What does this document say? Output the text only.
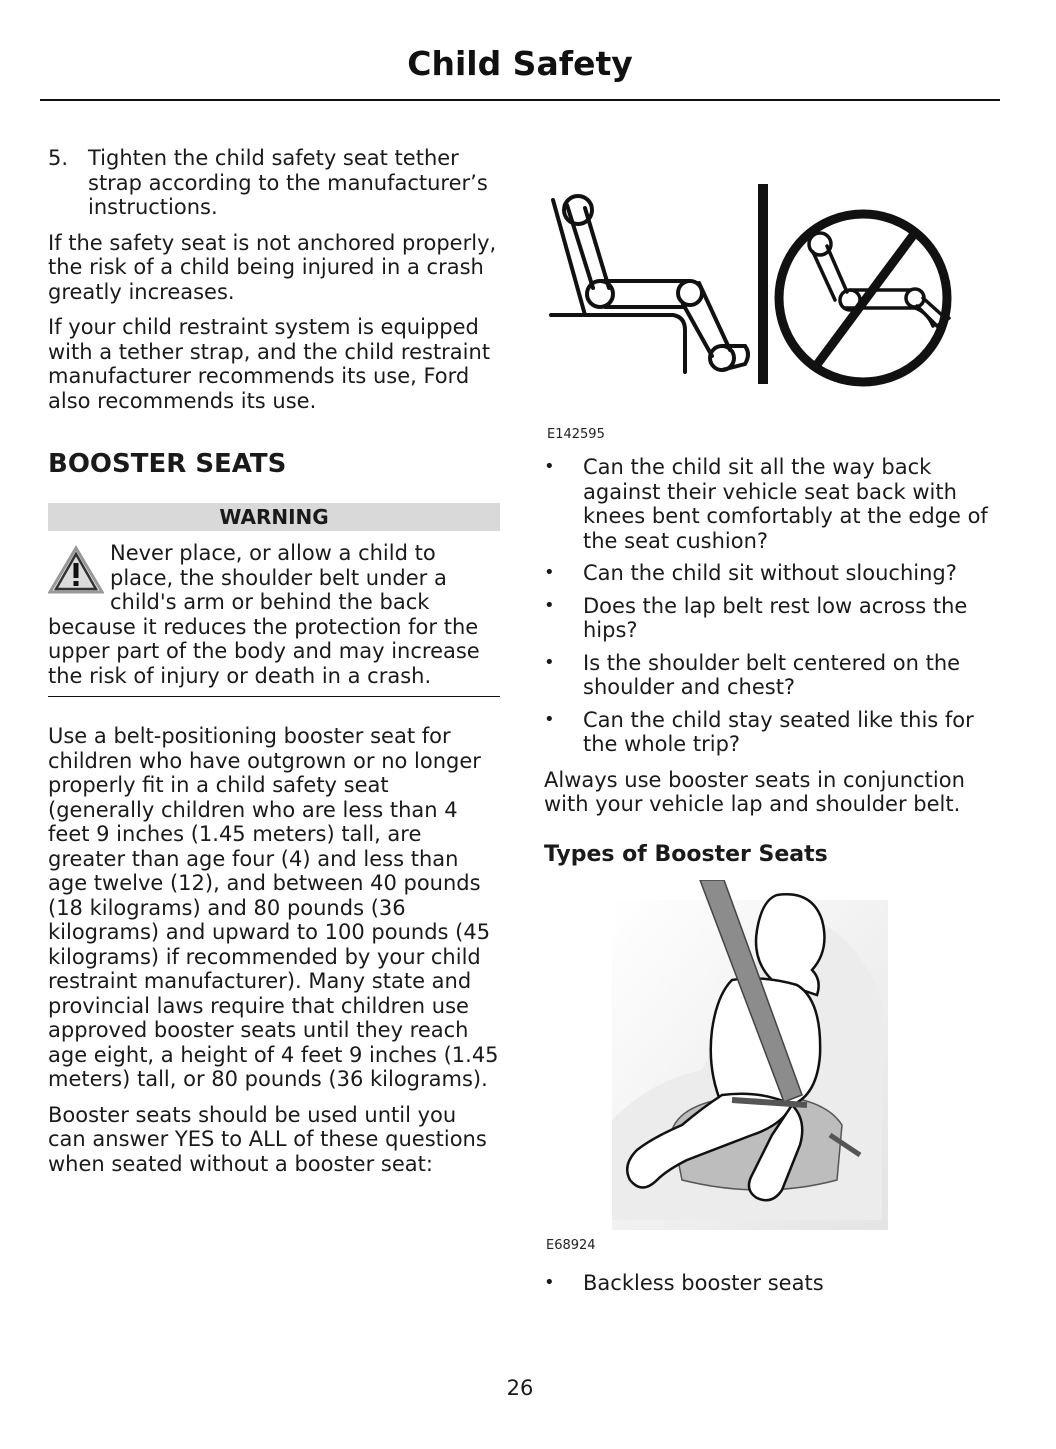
Child Safety
5. Tighten the child safety seat tether strap according to the manufacturer’s instructions.

If the safety seat is not anchored properly, the risk of a child being injured in a crash greatly increases.

If your child restraint system is equipped with a tether strap, and the child restraint manufacturer recommends its use, Ford also recommends its use.

BOOSTER SEATS
WARNING
Never place, or allow a child to place, the shoulder belt under a child's arm or behind the back because it reduces the protection for the upper part of the body and may increase the risk of injury or death in a crash.

Use a belt-positioning booster seat for children who have outgrown or no longer properly fit in a child safety seat (generally children who are less than 4 feet 9 inches (1.45 meters) tall, are greater than age four (4) and less than age twelve (12), and between 40 pounds (18 kilograms) and 80 pounds (36 kilograms) and upward to 100 pounds (45 kilograms) if recommended by your child restraint manufacturer). Many state and provincial laws require that children use approved booster seats until they reach age eight, a height of 4 feet 9 inches (1.45 meters) tall, or 80 pounds (36 kilograms).

Booster seats should be used until you can answer YES to ALL of these questions when seated without a booster seat:

E142595
•	Can the child sit all the way back against their vehicle seat back with knees bent comfortably at the edge of the seat cushion?
•	Can the child sit without slouching?
•	Does the lap belt rest low across the hips?
•	Is the shoulder belt centered on the shoulder and chest?
•	Can the child stay seated like this for the whole trip?

Always use booster seats in conjunction with your vehicle lap and shoulder belt.

Types of Booster Seats
E68924
•	Backless booster seats
26
